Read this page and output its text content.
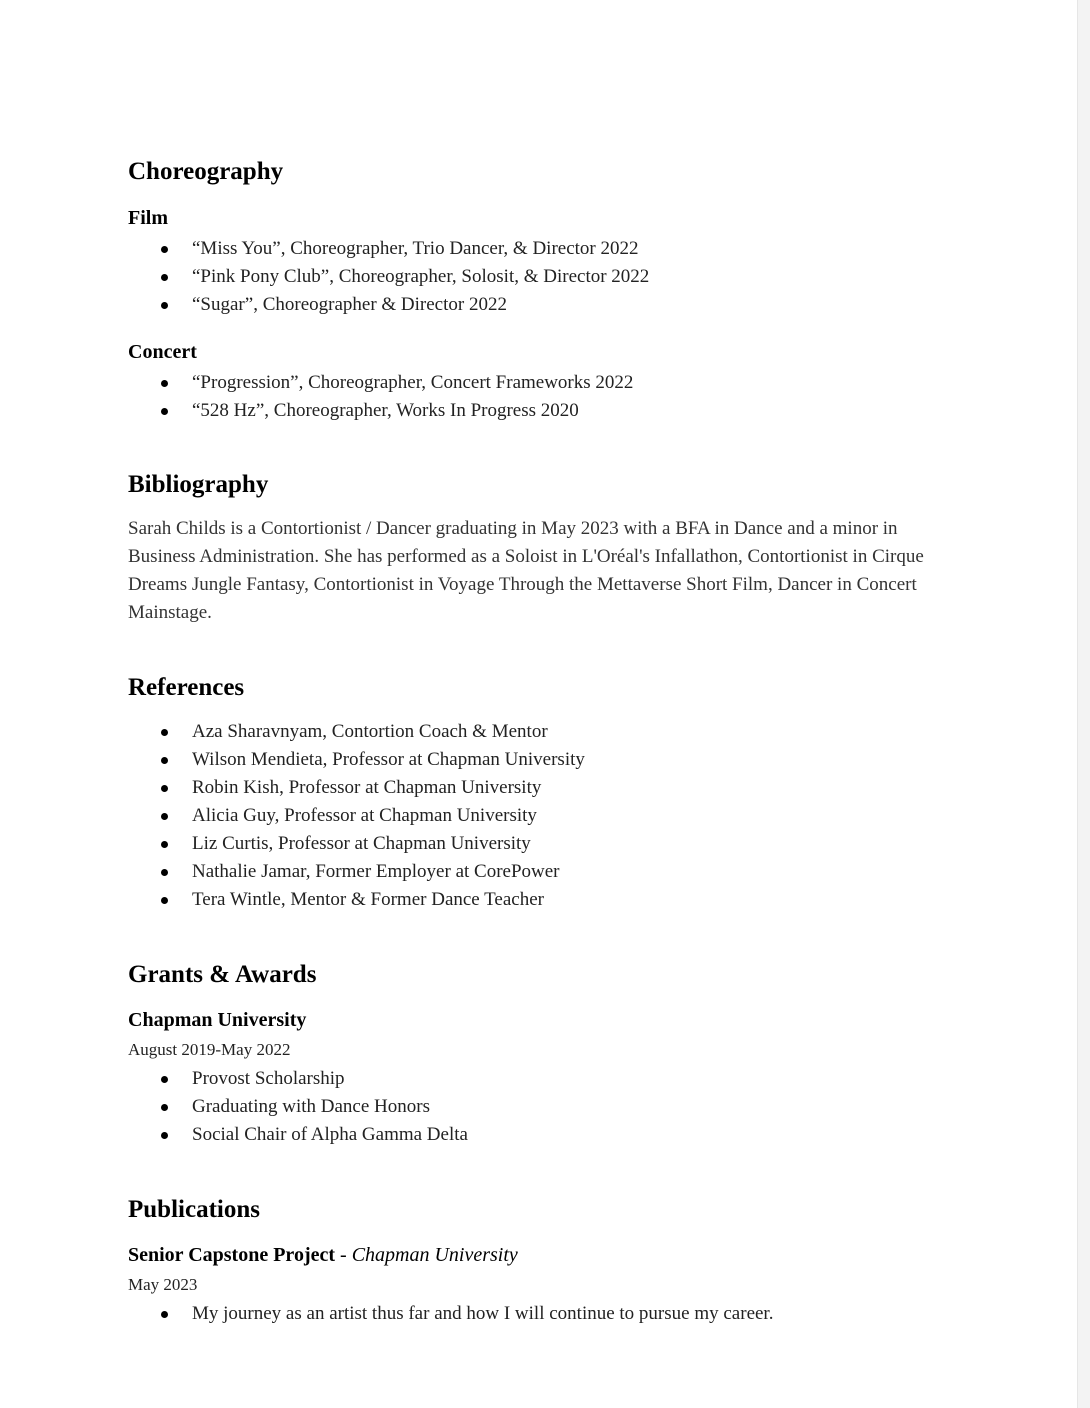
Choreography
Film
“Miss You”, Choreographer, Trio Dancer, & Director 2022
“Pink Pony Club”, Choreographer, Solosit, & Director 2022
“Sugar”, Choreographer & Director 2022
Concert
“Progression”, Choreographer, Concert Frameworks 2022
“528 Hz”, Choreographer, Works In Progress 2020
Bibliography
Sarah Childs is a Contortionist / Dancer graduating in May 2023 with a BFA in Dance and a minor in Business Administration. She has performed as a Soloist in L'Oréal's Infallathon, Contortionist in Cirque Dreams Jungle Fantasy, Contortionist in Voyage Through the Mettaverse Short Film, Dancer in Concert Mainstage.
References
Aza Sharavnyam, Contortion Coach & Mentor
Wilson Mendieta, Professor at Chapman University
Robin Kish, Professor at Chapman University
Alicia Guy, Professor at Chapman University
Liz Curtis, Professor at Chapman University
Nathalie Jamar, Former Employer at CorePower
Tera Wintle, Mentor & Former Dance Teacher
Grants & Awards
Chapman University
August 2019-May 2022
Provost Scholarship
Graduating with Dance Honors
Social Chair of Alpha Gamma Delta
Publications
Senior Capstone Project - Chapman University
May 2023
My journey as an artist thus far and how I will continue to pursue my career.
